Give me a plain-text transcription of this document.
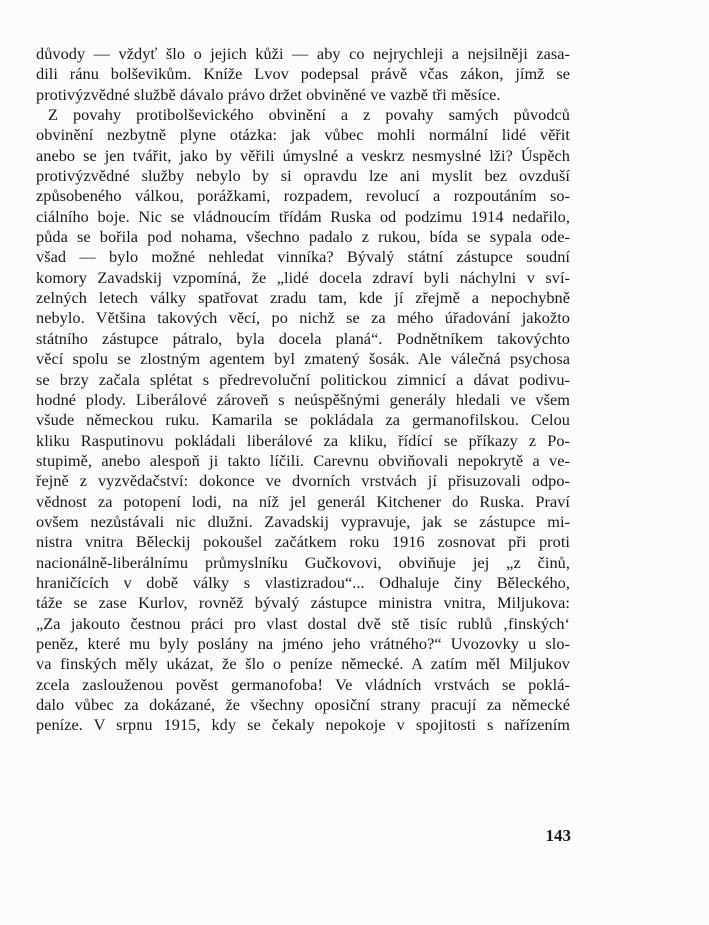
důvody — vždyť šlo o jejich kůži — aby co nejrychleji a nejsilněji zasa-
dili ránu bolševikům. Kníže Lvov podepsal právě včas zákon, jímž se
protivýzvědné službě dávalo právo držet obviněné ve vazbě tři měsíce.
Z povahy protibolševického obvinění a z povahy samých původců
obvinění nezbytně plyne otázka: jak vůbec mohli normální lidé věřit
anebo se jen tvářit, jako by věřili úmyslné a veskrz nesmyslné lži? Úspěch
protivýzvědné služby nebylo by si opravdu lze ani myslit bez ovzduší
způsobeného válkou, porážkami, rozpadem, revolucí a rozpoutáním so-
ciálního boje. Nic se vládnoucím třídám Ruska od podzimu 1914 nedařilo,
půda se bořila pod nohama, všechno padalo z rukou, bída se sypala ode-
všad — bylo možné nehledat vinníka? Bývalý státní zástupce soudní
komory Zavadskij vzpomíná, že „lidé docela zdraví byli náchylni v sví-
zelných letech války spatřovat zradu tam, kde jí zřejmě a nepochybně
nebylo. Většina takových věcí, po nichž se za mého úřadování jakožto
státního zástupce pátralo, byla docela planá“. Podnětníkem takovýchto
věcí spolu se zlostným agentem byl zmatený šosák. Ale válečná psychosa
se brzy začala splétat s předrevoluční politickou zimnicí a dávat podivu-
hodné plody. Liberálové zároveň s neúspěšnými generály hledali ve všem
všude německou ruku. Kamarila se pokládala za germanofilskou. Celou
kliku Rasputinovu pokládali liberálové za kliku, řídící se příkazy z Po-
stupimě, anebo alespoň ji takto líčili. Carevnu obviňovali nepokrytě a ve-
řejně z vyzvědačství: dokonce ve dvorních vrstvách jí přisuzovali odpo-
vědnost za potopení lodi, na níž jel generál Kitchener do Ruska. Praví
ovšem nezůstávali nic dlužni. Zavadskij vypravuje, jak se zástupce mi-
nistra vnitra Běleckij pokoušel začátkem roku 1916 zosnovat při proti
nacionálně-liberálnímu průmyslníku Gučkovovi, obviňuje jej „z činů,
hraničících v době války s vlastizradou“... Odhaluje činy Běleckého,
táže se zase Kurlov, rovněž bývalý zástupce ministra vnitra, Miljukova:
„Za jakouto čestnou práci pro vlast dostal dvě stě tisíc rublů ‚finských‘
peněz, které mu byly poslány na jméno jeho vrátného?“ Uvozovky u slo-
va finských měly ukázat, že šlo o peníze německé. A zatím měl Miljukov
zcela zaslouženou pověst germanofoba! Ve vládních vrstvách se poklá-
dalo vůbec za dokázané, že všechny oposiční strany pracují za německé
peníze. V srpnu 1915, kdy se čekaly nepokoje v spojitosti s nařízením
143
